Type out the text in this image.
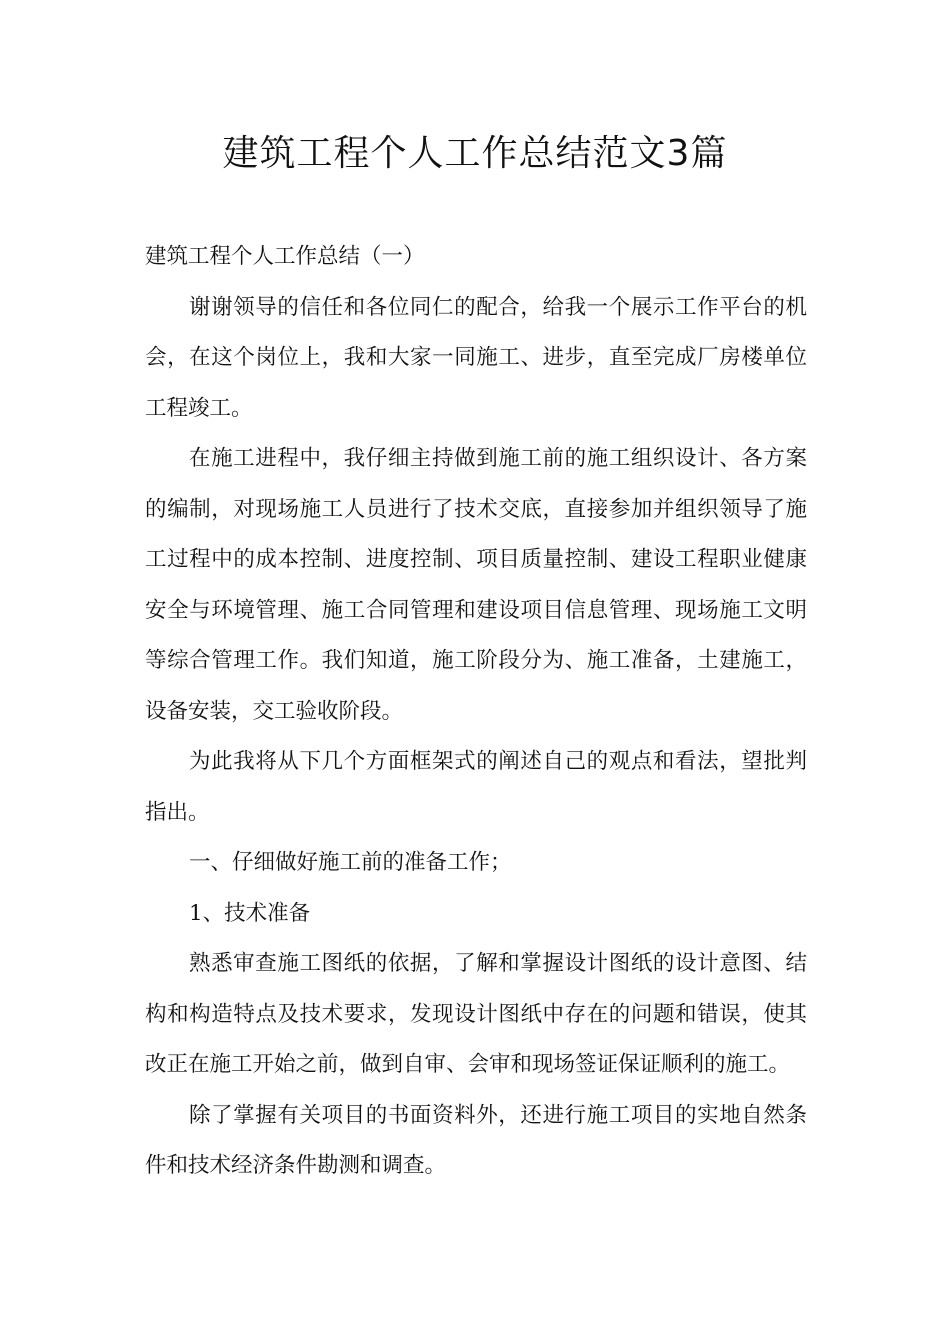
建筑工程个人工作总结范文3篇

建筑工程个人工作总结（一）

谢谢领导的信任和各位同仁的配合，给我一个展示工作平台的机会，在这个岗位上，我和大家一同施工、进步，直至完成厂房楼单位工程竣工。

在施工进程中，我仔细主持做到施工前的施工组织设计、各方案的编制，对现场施工人员进行了技术交底，直接参加并组织领导了施工过程中的成本控制、进度控制、项目质量控制、建设工程职业健康安全与环境管理、施工合同管理和建设项目信息管理、现场施工文明等综合管理工作。我们知道，施工阶段分为、施工准备，土建施工，设备安装，交工验收阶段。

为此我将从下几个方面框架式的阐述自己的观点和看法，望批判指出。

一、仔细做好施工前的准备工作；

1、技术准备

熟悉审查施工图纸的依据，了解和掌握设计图纸的设计意图、结构和构造特点及技术要求，发现设计图纸中存在的问题和错误，使其改正在施工开始之前，做到自审、会审和现场签证保证顺利的施工。

除了掌握有关项目的书面资料外，还进行施工项目的实地自然条件和技术经济条件勘测和调查。
